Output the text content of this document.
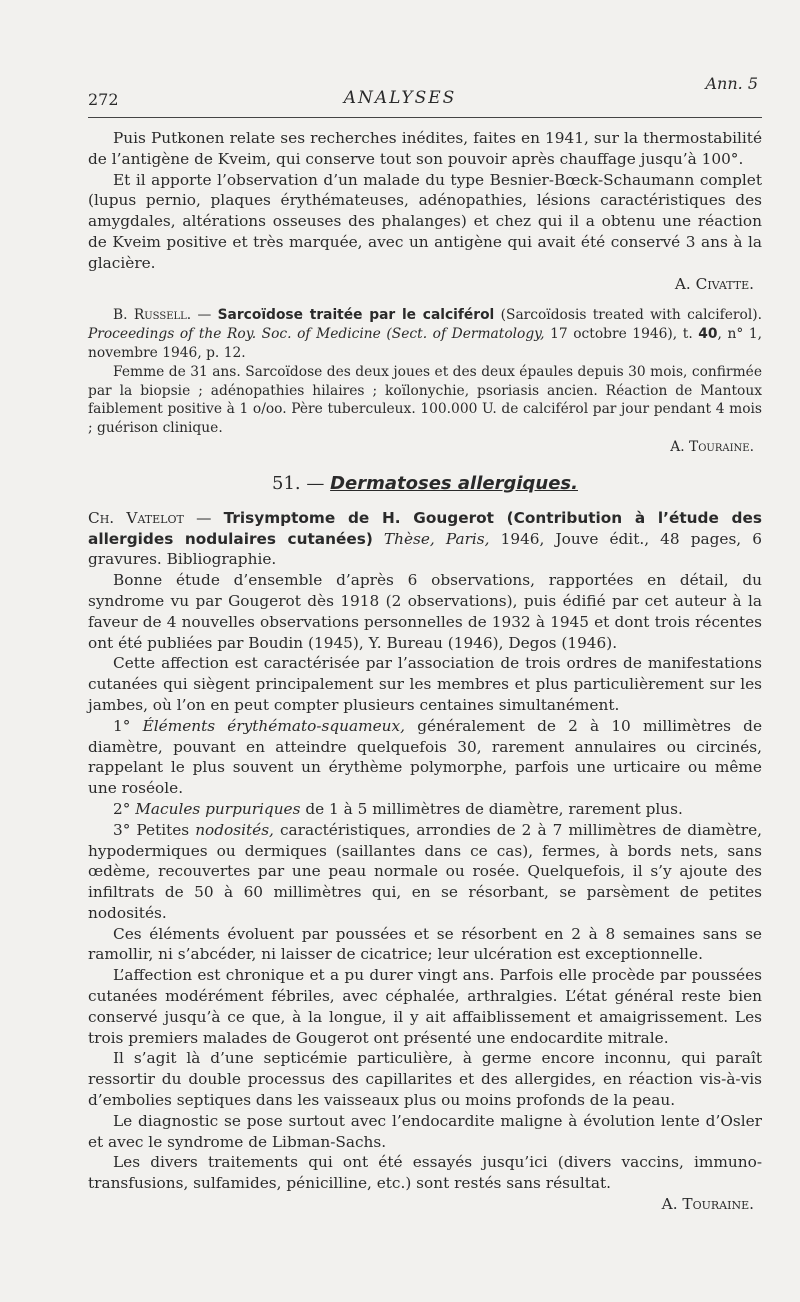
Ann. 5
272	ANALYSES

Puis Putkonen relate ses recherches inédites, faites en 1941, sur la thermostabilité de l’antigène de Kveim, qui conserve tout son pouvoir après chauffage jusqu’à 100°.

Et il apporte l’observation d’un malade du type Besnier-Bœck-Schaumann complet (lupus pernio, plaques érythémateuses, adénopathies, lésions caractéristiques des amygdales, altérations osseuses des phalanges) et chez qui il a obtenu une réaction de Kveim positive et très marquée, avec un antigène qui avait été conservé 3 ans à la glacière.

A. Civatte.

B. Russell. — Sarcoïdose traitée par le calciférol (Sarcoïdosis treated with calciferol). Proceedings of the Roy. Soc. of Medicine (Sect. of Dermatology, 17 octobre 1946), t. 40, n° 1, novembre 1946, p. 12.

Femme de 31 ans. Sarcoïdose des deux joues et des deux épaules depuis 30 mois, confirmée par la biopsie ; adénopathies hilaires ; koïlonychie, psoriasis ancien. Réaction de Mantoux faiblement positive à 1 o/oo. Père tuberculeux. 100.000 U. de calciférol par jour pendant 4 mois ; guérison clinique.

A. Touraine.

51. — Dermatoses allergiques.

Ch. Vatelot — Trisymptome de H. Gougerot (Contribution à l’étude des allergides nodulaires cutanées) Thèse, Paris, 1946, Jouve édit., 48 pages, 6 gravures. Bibliographie.

Bonne étude d’ensemble d’après 6 observations, rapportées en détail, du syndrome vu par Gougerot dès 1918 (2 observations), puis édifié par cet auteur à la faveur de 4 nouvelles observations personnelles de 1932 à 1945 et dont trois récentes ont été publiées par Boudin (1945), Y. Bureau (1946), Degos (1946).

Cette affection est caractérisée par l’association de trois ordres de manifestations cutanées qui siègent principalement sur les membres et plus particulièrement sur les jambes, où l’on en peut compter plusieurs centaines simultanément.

1° Éléments érythémato-squameux, généralement de 2 à 10 millimètres de diamètre, pouvant en atteindre quelquefois 30, rarement annulaires ou circinés, rappelant le plus souvent un érythème polymorphe, parfois une urticaire ou même une roséole.

2° Macules purpuriques de 1 à 5 millimètres de diamètre, rarement plus.

3° Petites nodosités, caractéristiques, arrondies de 2 à 7 millimètres de diamètre, hypodermiques ou dermiques (saillantes dans ce cas), fermes, à bords nets, sans œdème, recouvertes par une peau normale ou rosée. Quelquefois, il s’y ajoute des infiltrats de 50 à 60 millimètres qui, en se résorbant, se parsèment de petites nodosités.

Ces éléments évoluent par poussées et se résorbent en 2 à 8 semaines sans se ramollir, ni s’abcéder, ni laisser de cicatrice; leur ulcération est exceptionnelle.

L’affection est chronique et a pu durer vingt ans. Parfois elle procède par poussées cutanées modérément fébriles, avec céphalée, arthralgies. L’état général reste bien conservé jusqu’à ce que, à la longue, il y ait affaiblissement et amaigrissement. Les trois premiers malades de Gougerot ont présenté une endocardite mitrale.

Il s’agit là d’une septicémie particulière, à germe encore inconnu, qui paraît ressortir du double processus des capillarites et des allergides, en réaction vis-à-vis d’embolies septiques dans les vaisseaux plus ou moins profonds de la peau.

Le diagnostic se pose surtout avec l’endocardite maligne à évolution lente d’Osler et avec le syndrome de Libman-Sachs.

Les divers traitements qui ont été essayés jusqu’ici (divers vaccins, immuno-transfusions, sulfamides, pénicilline, etc.) sont restés sans résultat.

A. Touraine.
